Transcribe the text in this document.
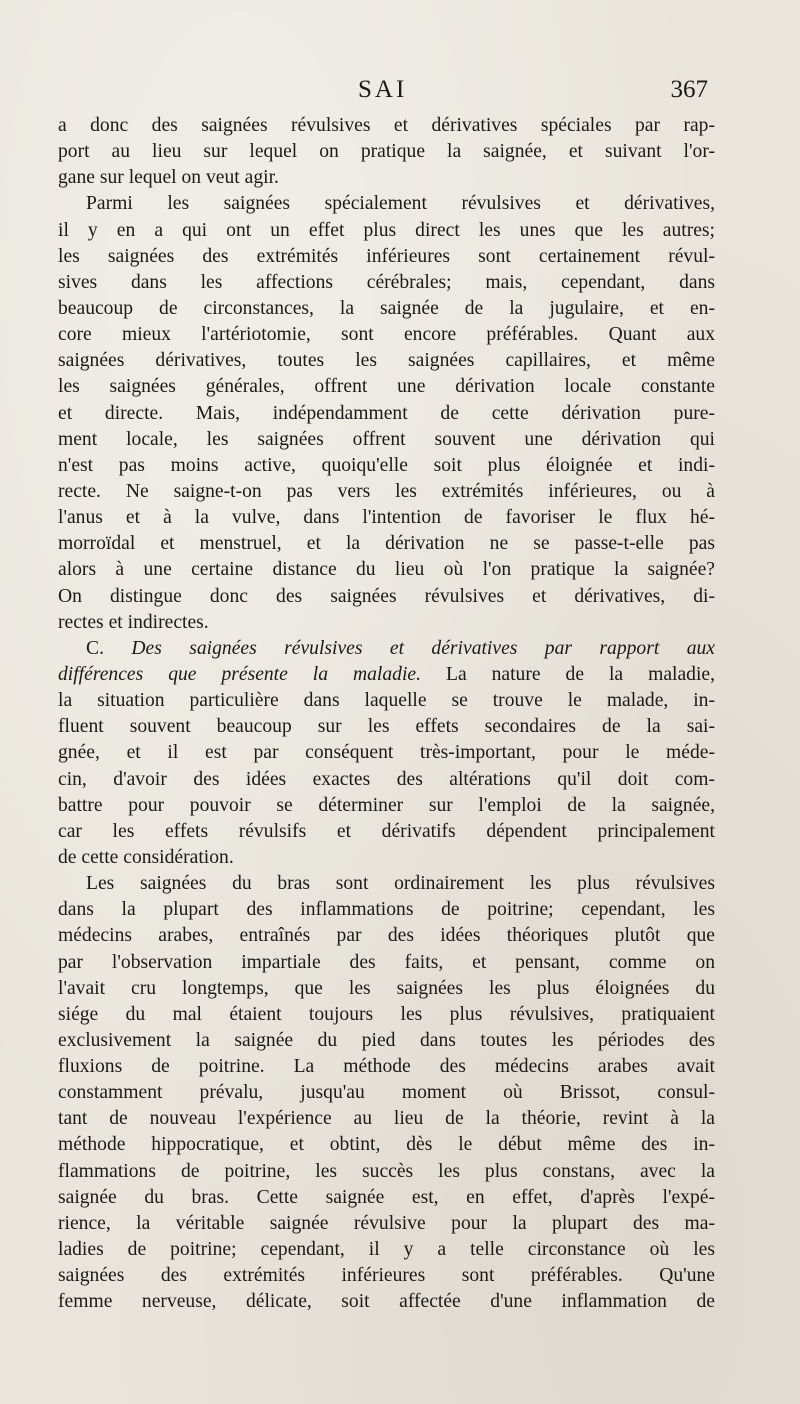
SAI	367
a donc des saignées révulsives et dérivatives spéciales par rap-
port au lieu sur lequel on pratique la saignée, et suivant l'or-
gane sur lequel on veut agir.
Parmi les saignées spécialement révulsives et dérivatives,
il y en a qui ont un effet plus direct les unes que les autres;
les saignées des extrémités inférieures sont certainement révul-
sives dans les affections cérébrales; mais, cependant, dans
beaucoup de circonstances, la saignée de la jugulaire, et en-
core mieux l'artériotomie, sont encore préférables. Quant aux
saignées dérivatives, toutes les saignées capillaires, et même
les saignées générales, offrent une dérivation locale constante
et directe. Mais, indépendamment de cette dérivation pure-
ment locale, les saignées offrent souvent une dérivation qui
n'est pas moins active, quoiqu'elle soit plus éloignée et indi-
recte. Ne saigne-t-on pas vers les extrémités inférieures, ou à
l'anus et à la vulve, dans l'intention de favoriser le flux hé-
morroïdal et menstruel, et la dérivation ne se passe-t-elle pas
alors à une certaine distance du lieu où l'on pratique la saignée?
On distingue donc des saignées révulsives et dérivatives, di-
rectes et indirectes.
C. Des saignées révulsives et dérivatives par rapport aux
différences que présente la maladie. La nature de la maladie,
la situation particulière dans laquelle se trouve le malade, in-
fluent souvent beaucoup sur les effets secondaires de la sai-
gnée, et il est par conséquent très-important, pour le méde-
cin, d'avoir des idées exactes des altérations qu'il doit com-
battre pour pouvoir se déterminer sur l'emploi de la saignée,
car les effets révulsifs et dérivatifs dépendent principalement
de cette considération.
Les saignées du bras sont ordinairement les plus révulsives
dans la plupart des inflammations de poitrine; cependant, les
médecins arabes, entraînés par des idées théoriques plutôt que
par l'observation impartiale des faits, et pensant, comme on
l'avait cru longtemps, que les saignées les plus éloignées du
siége du mal étaient toujours les plus révulsives, pratiquaient
exclusivement la saignée du pied dans toutes les périodes des
fluxions de poitrine. La méthode des médecins arabes avait
constamment prévalu, jusqu'au moment où Brissot, consul-
tant de nouveau l'expérience au lieu de la théorie, revint à la
méthode hippocratique, et obtint, dès le début même des in-
flammations de poitrine, les succès les plus constans, avec la
saignée du bras. Cette saignée est, en effet, d'après l'expé-
rience, la véritable saignée révulsive pour la plupart des ma-
ladies de poitrine; cependant, il y a telle circonstance où les
saignées des extrémités inférieures sont préférables. Qu'une
femme nerveuse, délicate, soit affectée d'une inflammation de
